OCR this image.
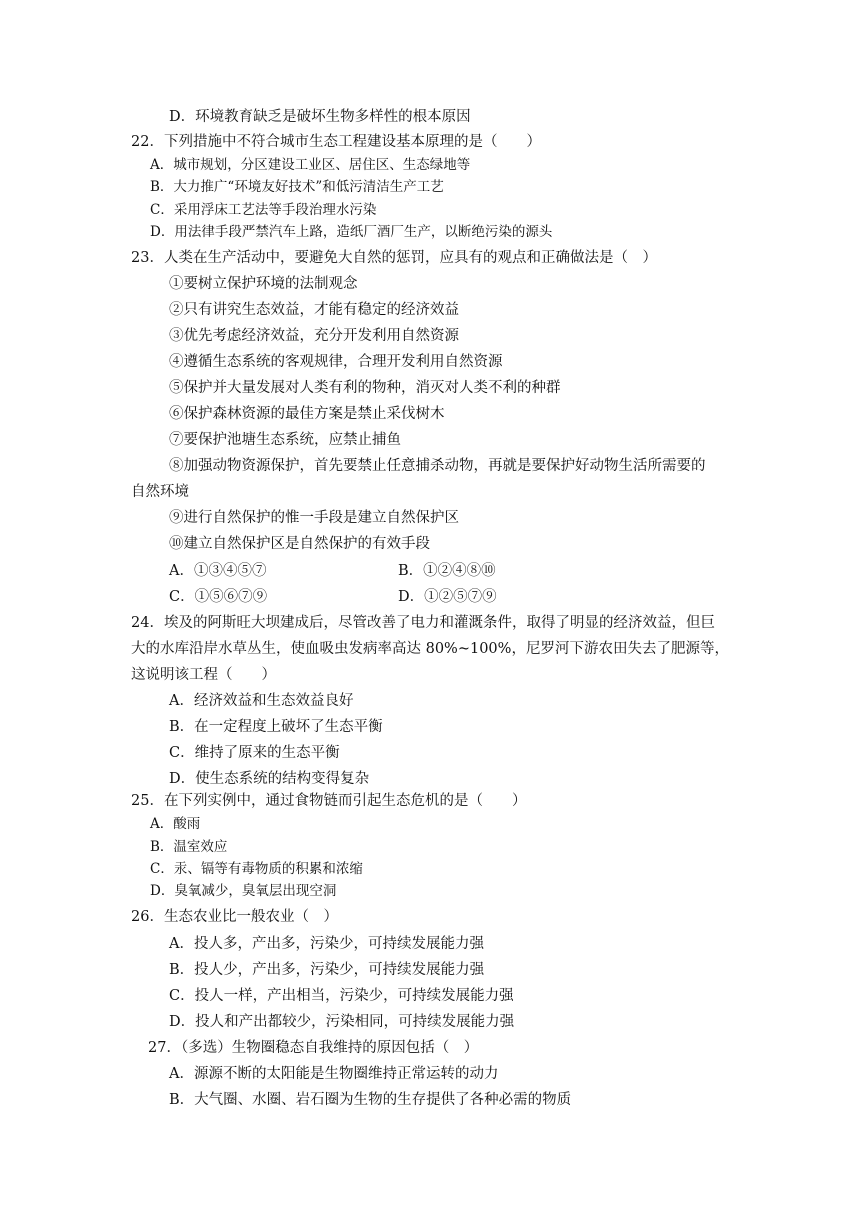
D．环境教育缺乏是破坏生物多样性的根本原因
22．下列措施中不符合城市生态工程建设基本原理的是（　　）
A．城市规划，分区建设工业区、居住区、生态绿地等
B．大力推广“环境友好技术”和低污清洁生产工艺
C．采用浮床工艺法等手段治理水污染
D．用法律手段严禁汽车上路，造纸厂酒厂生产，以断绝污染的源头
23．人类在生产活动中，要避免大自然的惩罚，应具有的观点和正确做法是（　）
①要树立保护环境的法制观念
②只有讲究生态效益，才能有稳定的经济效益
③优先考虑经济效益，充分开发利用自然资源
④遵循生态系统的客观规律，合理开发利用自然资源
⑤保护并大量发展对人类有利的物种，消灭对人类不利的种群
⑥保护森林资源的最佳方案是禁止采伐树木
⑦要保护池塘生态系统，应禁止捕鱼
⑧加强动物资源保护，首先要禁止任意捕杀动物，再就是要保护好动物生活所需要的
自然环境
⑨进行自然保护的惟一手段是建立自然保护区
⑩建立自然保护区是自然保护的有效手段
A．①③④⑤⑦	B．①②④⑧⑩
C．①⑤⑥⑦⑨	D．①②⑤⑦⑨
24．埃及的阿斯旺大坝建成后，尽管改善了电力和灌溉条件，取得了明显的经济效益，但巨
大的水库沿岸水草丛生，使血吸虫发病率高达 80%~100%，尼罗河下游农田失去了肥源等，
这说明该工程（　　）
A．经济效益和生态效益良好
B．在一定程度上破坏了生态平衡
C．维持了原来的生态平衡
D．使生态系统的结构变得复杂
25．在下列实例中，通过食物链而引起生态危机的是（　　）
A．酸雨
B．温室效应
C．汞、镉等有毒物质的积累和浓缩
D．臭氧减少，臭氧层出现空洞
26．生态农业比一般农业（　）
A．投人多，产出多，污染少，可持续发展能力强
B．投人少，产出多，污染少，可持续发展能力强
C．投人一样，产出相当，污染少，可持续发展能力强
D．投人和产出都较少，污染相同，可持续发展能力强
27．（多选）生物圈稳态自我维持的原因包括（　）
A．源源不断的太阳能是生物圈维持正常运转的动力
B．大气圈、水圈、岩石圈为生物的生存提供了各种必需的物质
